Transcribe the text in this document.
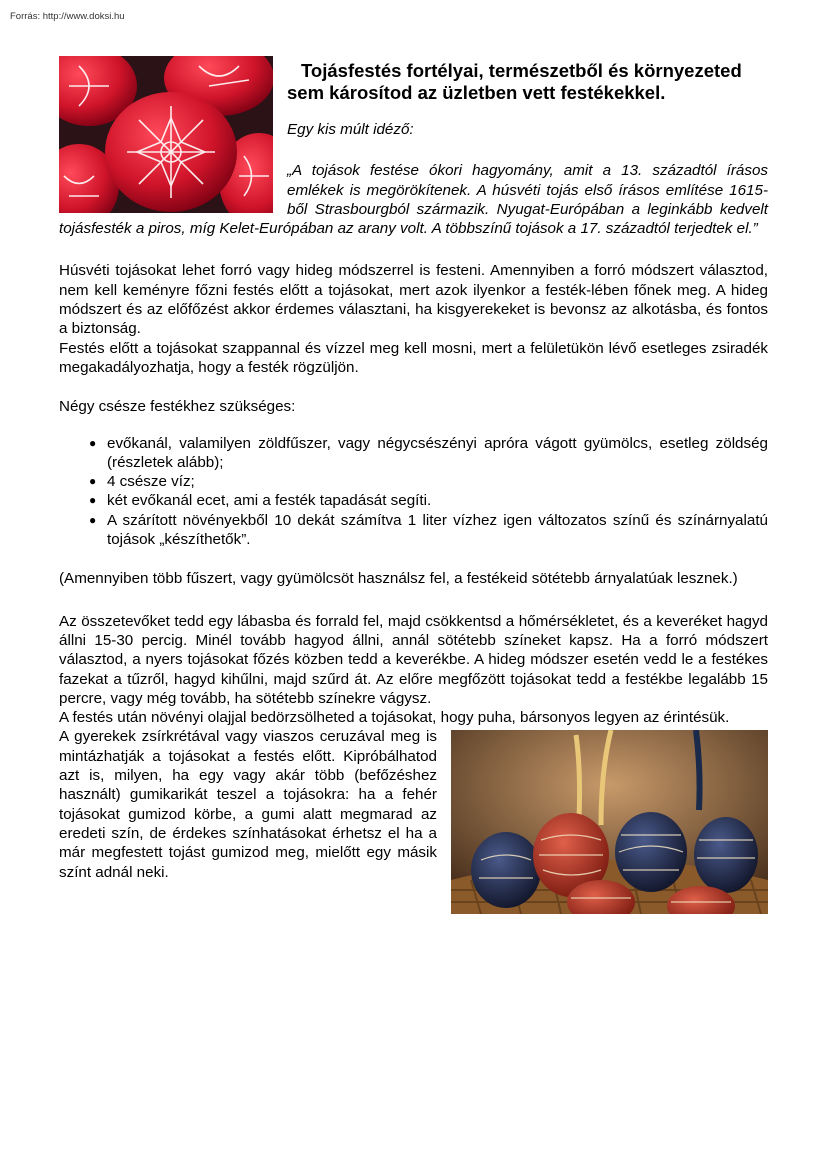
Forrás: http://www.doksi.hu
Tojásfestés fortélyai, természetből és környezeted sem károsítod az üzletben vett festékekkel.
Egy kis múlt idéző:
„A tojások festése ókori hagyomány, amit a 13. századtól írásos emlékek is megörökítenek. A húsvéti tojás első írásos említése 1615-ből Strasbourgból származik. Nyugat-Európában a leginkább kedvelt tojásfesték a piros, míg Kelet-Európában az arany volt. A többszínű tojások a 17. századtól terjedtek el.”

Húsvéti tojásokat lehet forró vagy hideg módszerrel is festeni. Amennyiben a forró módszert választod, nem kell keményre főzni festés előtt a tojásokat, mert azok ilyenkor a festék-lében főnek meg. A hideg módszert és az előfőzést akkor érdemes választani, ha kisgyerekeket is bevonsz az alkotásba, és fontos a biztonság.

Festés előtt a tojásokat szappannal és vízzel meg kell mosni, mert a felületükön lévő esetleges zsiradék megakadályozhatja, hogy a festék rögzüljön.

Négy csésze festékhez szükséges:

● evőkanál, valamilyen zöldfűszer, vagy négycsészényi apróra vágott gyümölcs, esetleg zöldség (részletek alább);
● 4 csésze víz;
● két evőkanál ecet, ami a festék tapadását segíti.
● A szárított növényekből 10 dekát számítva 1 liter vízhez igen változatos színű és színárnyalatú tojások „készíthetők”.

(Amennyiben több fűszert, vagy gyümölcsöt használsz fel, a festékeid sötétebb árnyalatúak lesznek.)

Az összetevőket tedd egy lábasba és forrald fel, majd csökkentsd a hőmérsékletet, és a keveréket hagyd állni 15-30 percig. Minél tovább hagyod állni, annál sötétebb színeket kapsz. Ha a forró módszert választod, a nyers tojásokat főzés közben tedd a keverékbe. A hideg módszer esetén vedd le a festékes fazekat a tűzről, hagyd kihűlni, majd szűrd át. Az előre megfőzött tojásokat tedd a festékbe legalább 15 percre, vagy még tovább, ha sötétebb színekre vágysz.

A festés után növényi olajjal bedörzsölheted a tojásokat, hogy puha, bársonyos legyen az érintésük.

A gyerekek zsírkrétával vagy viaszos ceruzával meg is mintázhatják a tojásokat a festés előtt. Kipróbálhatod azt is, milyen, ha egy vagy akár több (befőzéshez használt) gumikarikát teszel a tojásokra: ha a fehér tojásokat gumizod körbe, a gumi alatt megmarad az eredeti szín, de érdekes színhatásokat érhetsz el ha a már megfestett tojást gumizod meg, mielőtt egy másik színt adnál neki.
